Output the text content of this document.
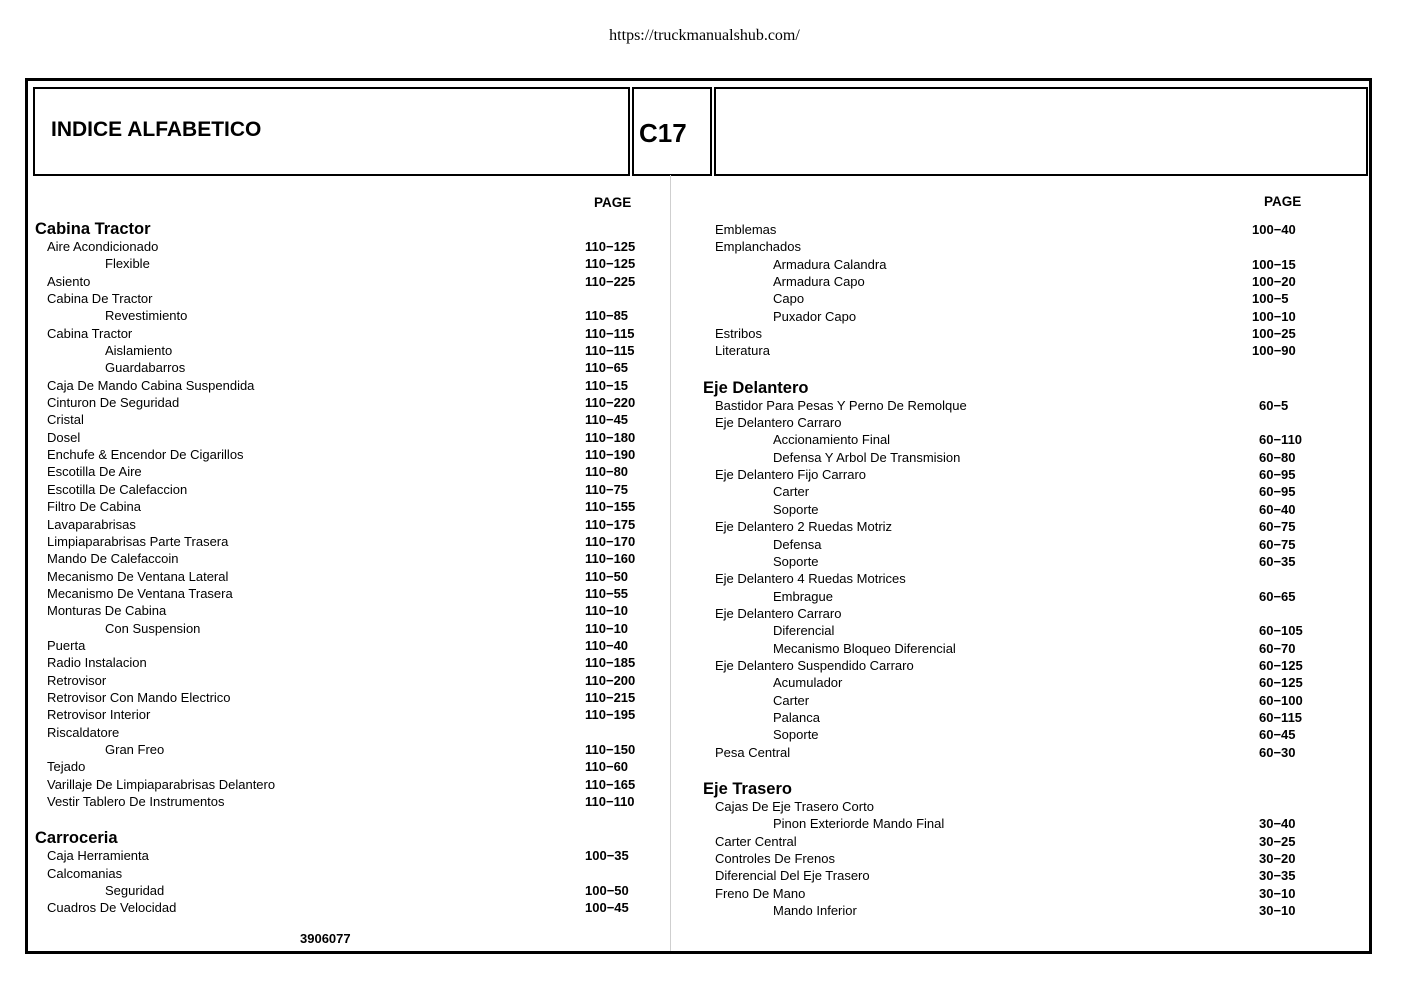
https://truckmanualshub.com/
INDICE ALFABETICO	C17
PAGE	PAGE
Cabina Tractor
Aire Acondicionado	110−125
Flexible	110−125
Asiento	110−225
Cabina De Tractor
Revestimiento	110−85
Cabina Tractor	110−115
Aislamiento	110−115
Guardabarros	110−65
Caja De Mando Cabina Suspendida	110−15
Cinturon De Seguridad	110−220
Cristal	110−45
Dosel	110−180
Enchufe & Encendor De Cigarillos	110−190
Escotilla De Aire	110−80
Escotilla De Calefaccion	110−75
Filtro De Cabina	110−155
Lavaparabrisas	110−175
Limpiaparabrisas Parte Trasera	110−170
Mando De Calefaccoin	110−160
Mecanismo De Ventana Lateral	110−50
Mecanismo De Ventana Trasera	110−55
Monturas De Cabina	110−10
Con Suspension	110−10
Puerta	110−40
Radio Instalacion	110−185
Retrovisor	110−200
Retrovisor Con Mando Electrico	110−215
Retrovisor Interior	110−195
Riscaldatore
Gran Freo	110−150
Tejado	110−60
Varillaje De Limpiaparabrisas Delantero	110−165
Vestir Tablero De Instrumentos	110−110
Carroceria
Caja Herramienta	100−35
Calcomanias
Seguridad	100−50
Cuadros De Velocidad	100−45
Emblemas	100−40
Emplanchados
Armadura Calandra	100−15
Armadura Capo	100−20
Capo	100−5
Puxador Capo	100−10
Estribos	100−25
Literatura	100−90
Eje Delantero
Bastidor Para Pesas Y Perno De Remolque	60−5
Eje Delantero Carraro
Accionamiento Final	60−110
Defensa Y Arbol De Transmision	60−80
Eje Delantero Fijo Carraro	60−95
Carter	60−95
Soporte	60−40
Eje Delantero 2 Ruedas Motriz	60−75
Defensa	60−75
Soporte	60−35
Eje Delantero 4 Ruedas Motrices
Embrague	60−65
Eje Delantero Carraro
Diferencial	60−105
Mecanismo Bloqueo Diferencial	60−70
Eje Delantero Suspendido Carraro	60−125
Acumulador	60−125
Carter	60−100
Palanca	60−115
Soporte	60−45
Pesa Central	60−30
Eje Trasero
Cajas De Eje Trasero Corto
Pinon Exteriorde Mando Final	30−40
Carter Central	30−25
Controles De Frenos	30−20
Diferencial Del Eje Trasero	30−35
Freno De Mano	30−10
Mando Inferior	30−10
3906077
